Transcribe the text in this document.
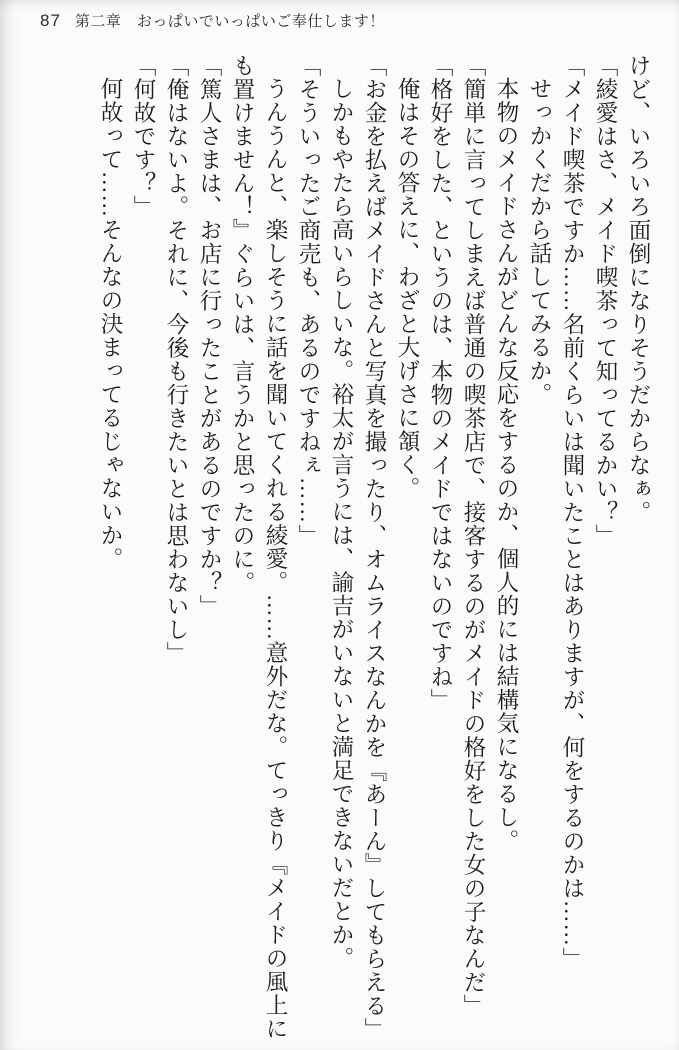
87 第二章　おっぱいでいっぱいご奉仕します！

けど、いろいろ面倒になりそうだからなぁ。

「綾愛はさ、メイド喫茶って知ってるかい？」

「メイド喫茶ですか……名前くらいは聞いたことはありますが、何をするのかは……」

せっかくだから話してみるか。

本物のメイドさんがどんな反応をするのか、個人的には結構気になるし。

「簡単に言ってしまえば普通の喫茶店で、接客するのがメイドの格好をした女の子なんだ」

「格好をした、というのは、本物のメイドではないのですね」

俺はその答えに、わざと大げさに頷く。

「お金を払えばメイドさんと写真を撮ったり、オムライスなんかを『あーん』してもらえる」

しかもやたら高いらしいな。裕太が言うには、諭吉がいないと満足できないだとか。

「そういったご商売も、あるのですねぇ……」

うんうんと、楽しそうに話を聞いてくれる綾愛。……意外だな。てっきり『メイドの風上にも置けません！』ぐらいは、言うかと思ったのに。

「篤人さまは、お店に行ったことがあるのですか？」

「俺はないよ。それに、今後も行きたいとは思わないし」

「何故です？」

何故って……そんなの決まってるじゃないか。
